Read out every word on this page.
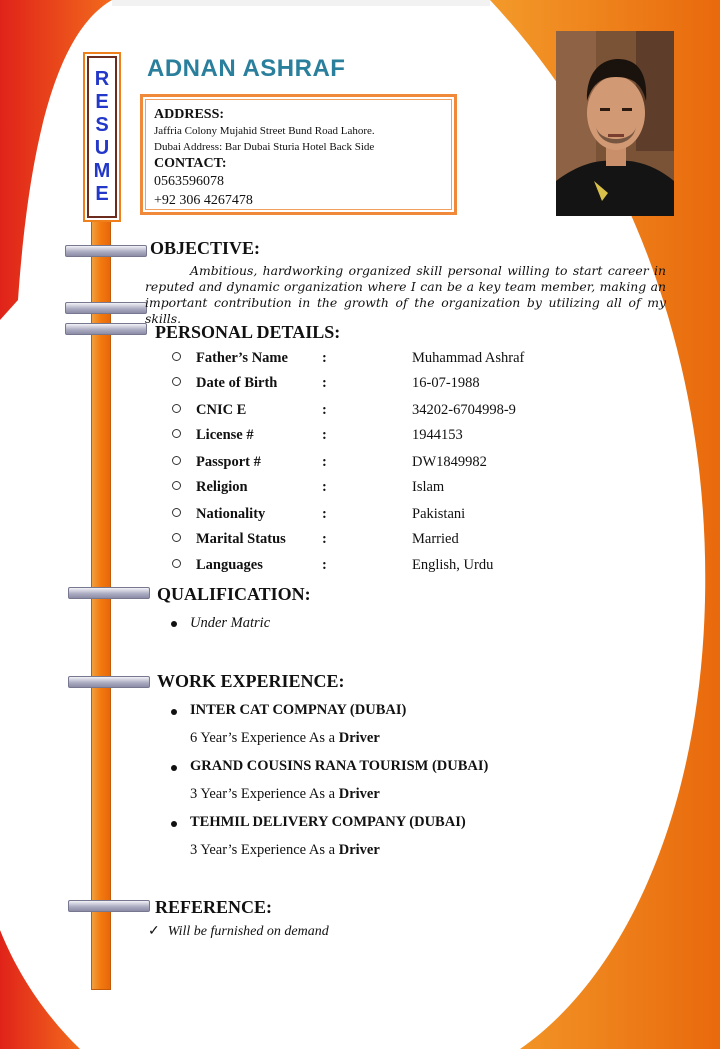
R
E
S
U
M
E
ADNAN ASHRAF
ADDRESS:
Jaffria Colony Mujahid Street Bund Road Lahore.
Dubai Address: Bar Dubai Sturia Hotel Back Side
CONTACT:
0563596078
+92 306 4267478
OBJECTIVE:
Ambitious, hardworking organized skill personal willing to start career in reputed and dynamic organization where I can be a key team member, making an important contribution in the growth of the organization by utilizing all of my skills.
PERSONAL DETAILS:
Father’s Name :	Muhammad Ashraf
Date of Birth	:	16-07-1988
CNIC E	:	34202-6704998-9
License #	:	1944153
Passport #	:	DW1849982
Religion	:	Islam
Nationality	:	Pakistani
Marital Status :	Married
Languages	:	English, Urdu
QUALIFICATION:
Under Matric
WORK EXPERIENCE:
INTER CAT COMPNAY (DUBAI)
6 Year’s Experience As a Driver
GRAND COUSINS RANA TOURISM (DUBAI)
3 Year’s Experience As a Driver
TEHMIL DELIVERY COMPANY (DUBAI)
3 Year’s Experience As a Driver
REFERENCE:
✓ Will be furnished on demand
